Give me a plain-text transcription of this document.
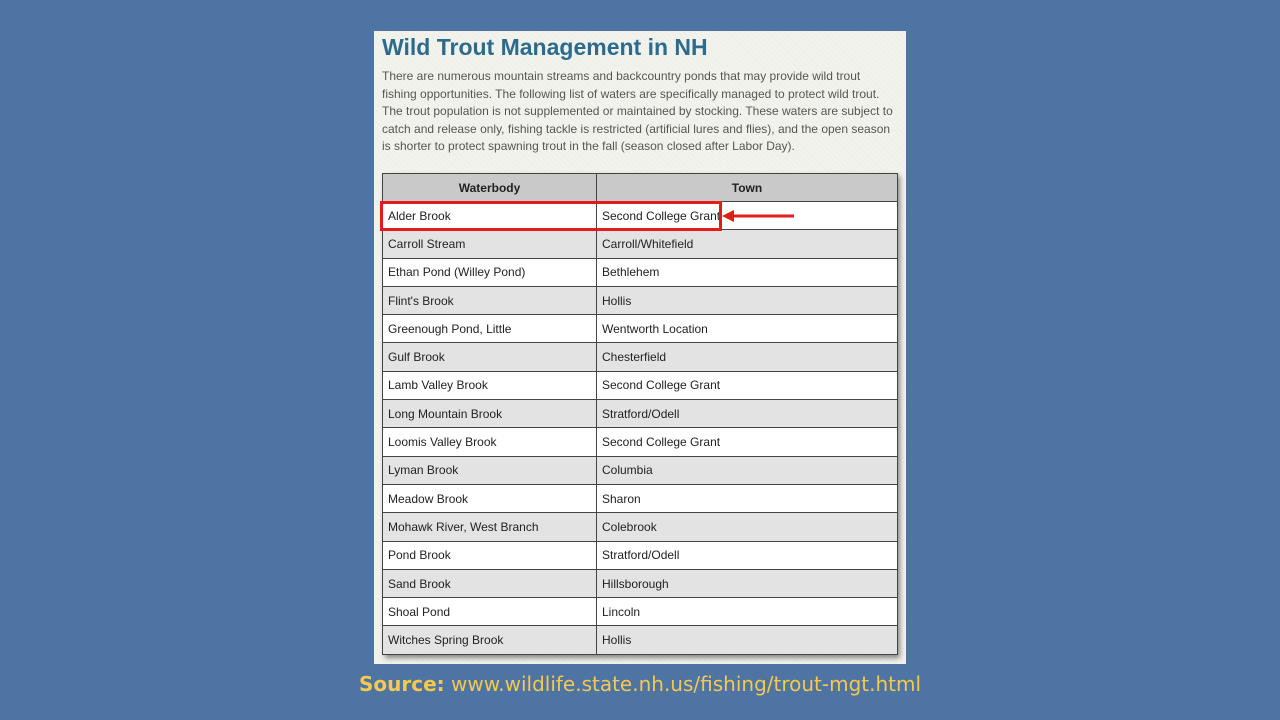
Wild Trout Management in NH

There are numerous mountain streams and backcountry ponds that may provide wild trout fishing opportunities. The following list of waters are specifically managed to protect wild trout. The trout population is not supplemented or maintained by stocking. These waters are subject to catch and release only, fishing tackle is restricted (artificial lures and flies), and the open season is shorter to protect spawning trout in the fall (season closed after Labor Day).

Waterbody	Town
Alder Brook	Second College Grant
Carroll Stream	Carroll/Whitefield
Ethan Pond (Willey Pond)	Bethlehem
Flint's Brook	Hollis
Greenough Pond, Little	Wentworth Location
Gulf Brook	Chesterfield
Lamb Valley Brook	Second College Grant
Long Mountain Brook	Stratford/Odell
Loomis Valley Brook	Second College Grant
Lyman Brook	Columbia
Meadow Brook	Sharon
Mohawk River, West Branch	Colebrook
Pond Brook	Stratford/Odell
Sand Brook	Hillsborough
Shoal Pond	Lincoln
Witches Spring Brook	Hollis
Source: www.wildlife.state.nh.us/fishing/trout-mgt.html
